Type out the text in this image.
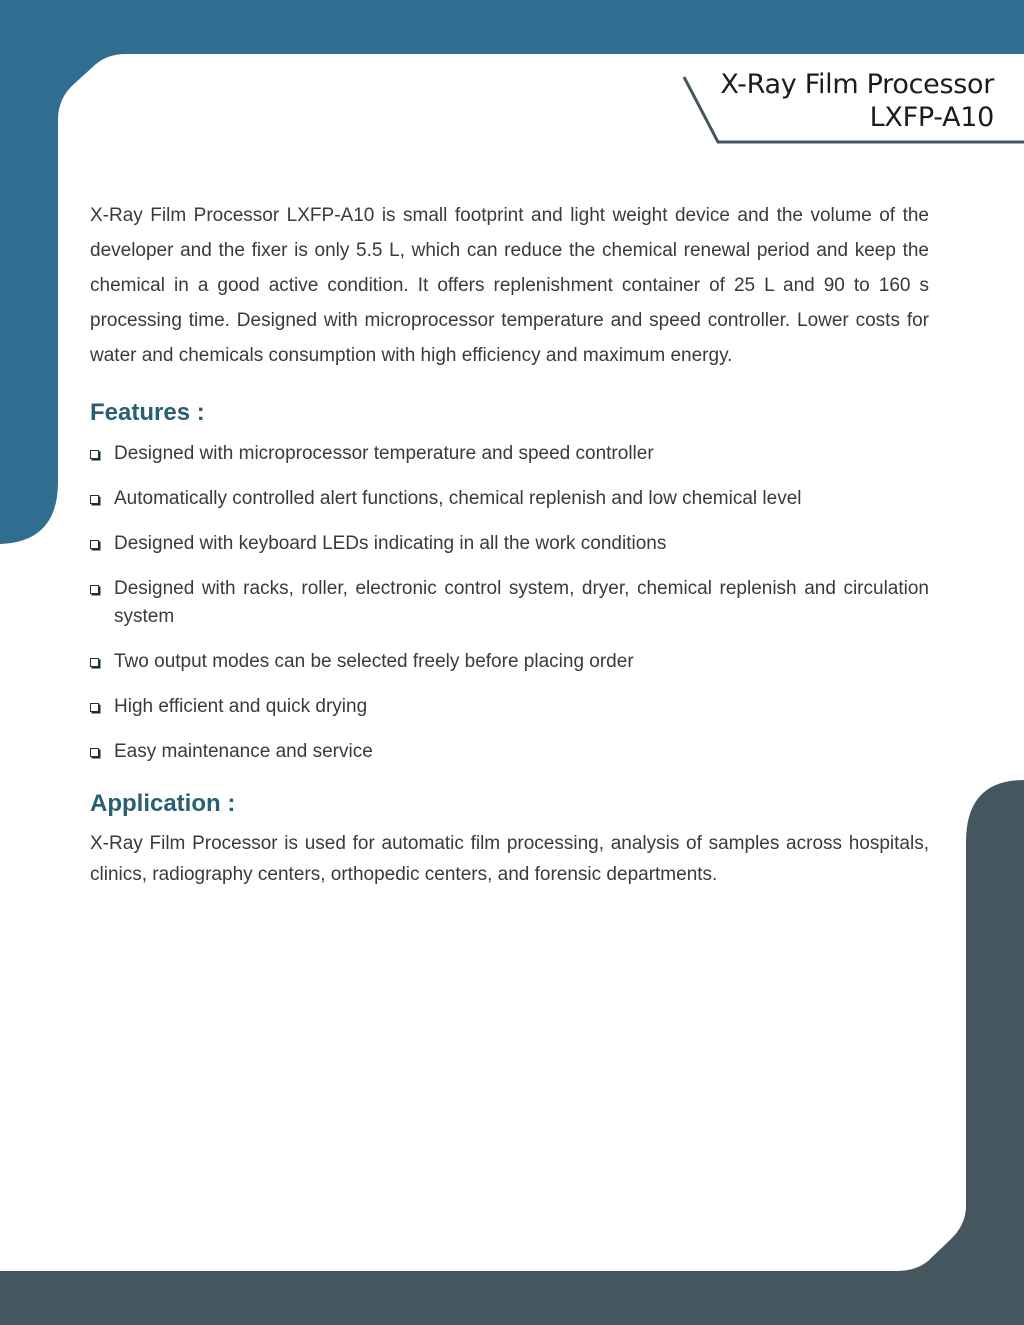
X-Ray Film Processor
LXFP-A10

X-Ray Film Processor LXFP-A10 is small footprint and light weight device and the volume of the developer and the fixer is only 5.5 L, which can reduce the chemical renewal period and keep the chemical in a good active condition. It offers replenishment container of 25 L and 90 to 160 s processing time. Designed with microprocessor temperature and speed controller. Lower costs for water and chemicals consumption with high efficiency and maximum energy.

Features :
Designed with microprocessor temperature and speed controller
Automatically controlled alert functions, chemical replenish and low chemical level
Designed with keyboard LEDs indicating in all the work conditions
Designed with racks, roller, electronic control system, dryer, chemical replenish and circulation system
Two output modes can be selected freely before placing order
High efficient and quick drying
Easy maintenance and service
Application :

X-Ray Film Processor is used for automatic film processing, analysis of samples across hospitals, clinics, radiography centers, orthopedic centers, and forensic departments.
